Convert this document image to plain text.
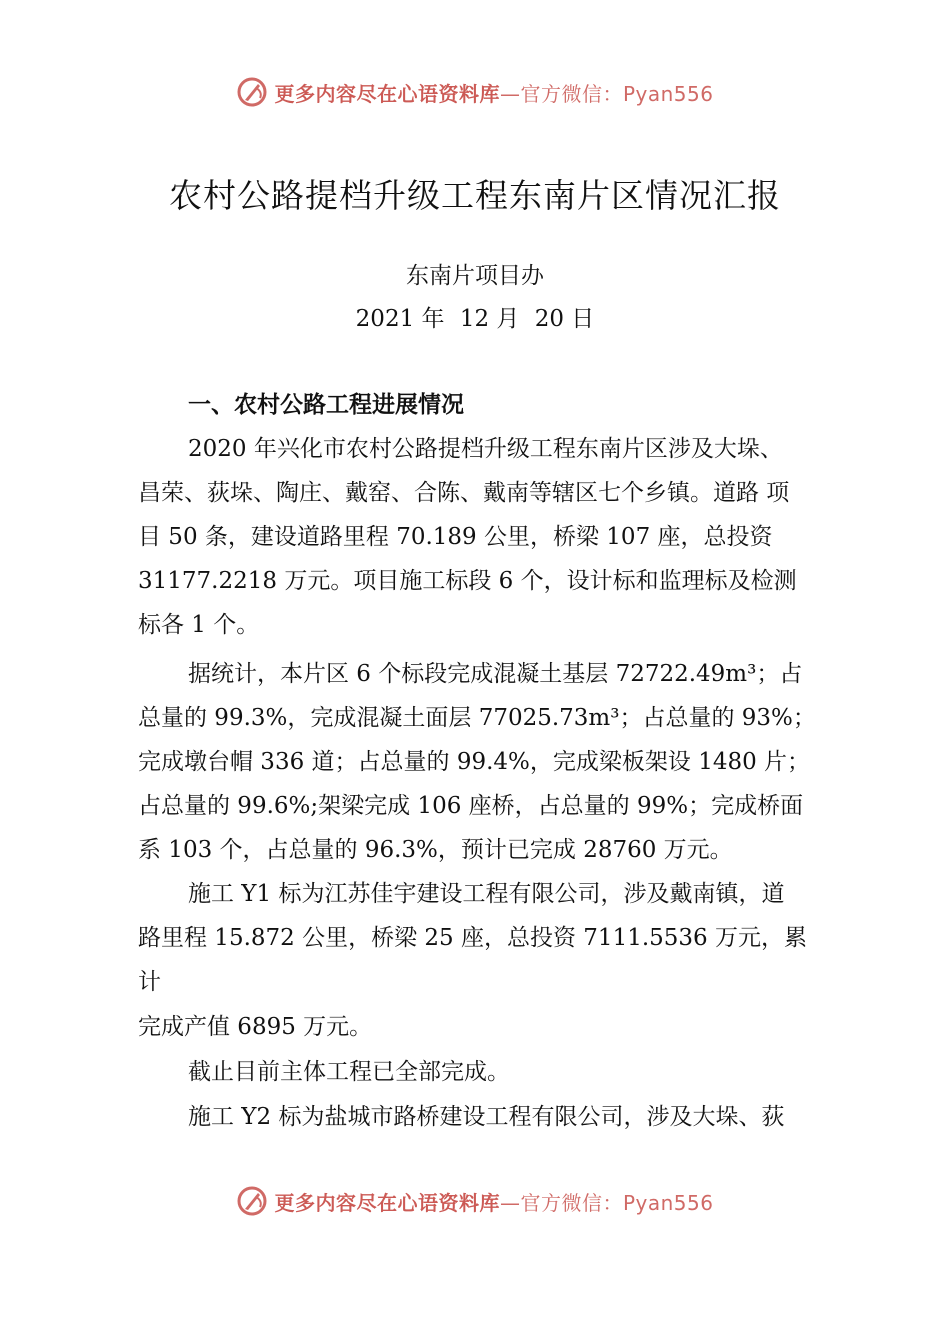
更多内容尽在心语资料库—官方微信：Pyan556
农村公路提档升级工程东南片区情况汇报
东南片项目办
2021 年 12 月 20 日
一、农村公路工程进展情况
2020 年兴化市农村公路提档升级工程东南片区涉及大垛、
昌荣、荻垛、陶庄、戴窑、合陈、戴南等辖区七个乡镇。道路 项
目 50 条，建设道路里程 70.189 公里，桥梁 107 座，总投资
31177.2218 万元。项目施工标段 6 个，设计标和监理标及检测
标各 1 个。
据统计，本片区 6 个标段完成混凝土基层 72722.49m³；占
总量的 99.3%，完成混凝土面层 77025.73m³；占总量的 93%；
完成墩台帽 336 道；占总量的 99.4%，完成梁板架设 1480 片；
占总量的 99.6%;架梁完成 106 座桥，占总量的 99%；完成桥面
系 103 个，占总量的 96.3%，预计已完成 28760 万元。
施工 Y1 标为江苏佳宇建设工程有限公司，涉及戴南镇，道
路里程 15.872 公里，桥梁 25 座，总投资 7111.5536 万元，累
计
完成产值 6895 万元。
截止目前主体工程已全部完成。
施工 Y2 标为盐城市路桥建设工程有限公司，涉及大垛、荻
更多内容尽在心语资料库—官方微信：Pyan556
